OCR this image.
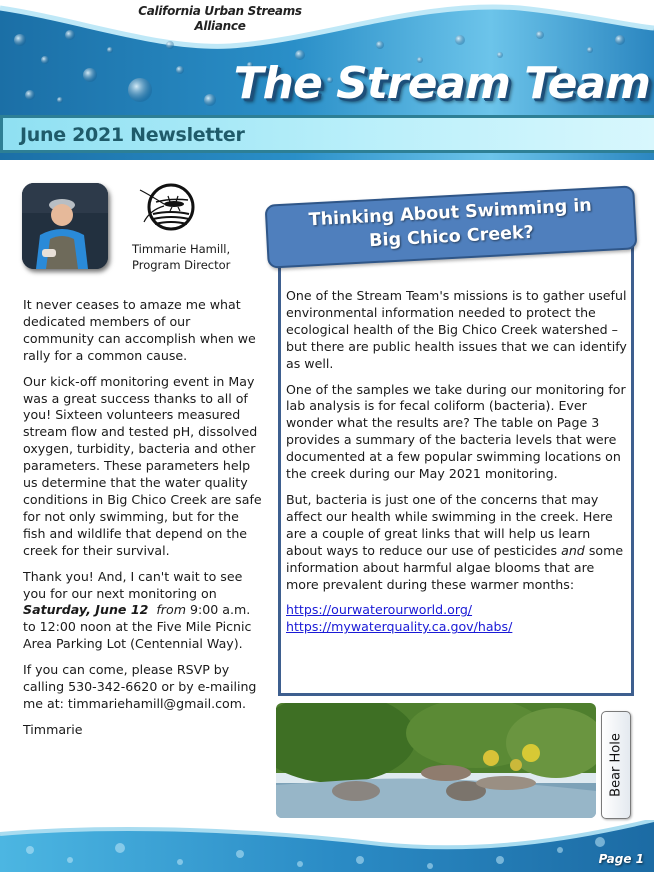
California Urban Streams
Alliance
The Stream Team
June 2021 Newsletter
Timmarie Hamill,
Program Director

It never ceases to amaze me what dedicated members of our community can accomplish when we rally for a common cause.

Our kick-off monitoring event in May was a great success thanks to all of you! Sixteen volunteers measured stream flow and tested pH, dissolved oxygen, turbidity, bacteria and other parameters. These parameters help us determine that the water quality conditions in Big Chico Creek are safe for not only swimming, but for the fish and wildlife that depend on the creek for their survival.

Thank you! And, I can't wait to see you for our next monitoring on Saturday, June 12 from 9:00 a.m. to 12:00 noon at the Five Mile Picnic Area Parking Lot (Centennial Way).

If you can come, please RSVP by calling 530-342-6620 or by e-mailing me at: timmariehamill@gmail.com.

Timmarie

Thinking About Swimming in
Big Chico Creek?

One of the Stream Team's missions is to gather useful environmental information needed to protect the ecological health of the Big Chico Creek watershed – but there are public health issues that we can identify as well.

One of the samples we take during our monitoring for lab analysis is for fecal coliform (bacteria). Ever wonder what the results are? The table on Page 3 provides a summary of the bacteria levels that were documented at a few popular swimming locations on the creek during our May 2021 monitoring.

But, bacteria is just one of the concerns that may affect our health while swimming in the creek. Here are a couple of great links that will help us learn about ways to reduce our use of pesticides and some information about harmful algae blooms that are more prevalent during these warmer months:

https://ourwaterourworld.org/
https://mywaterquality.ca.gov/habs/

Bear Hole
Page 1
